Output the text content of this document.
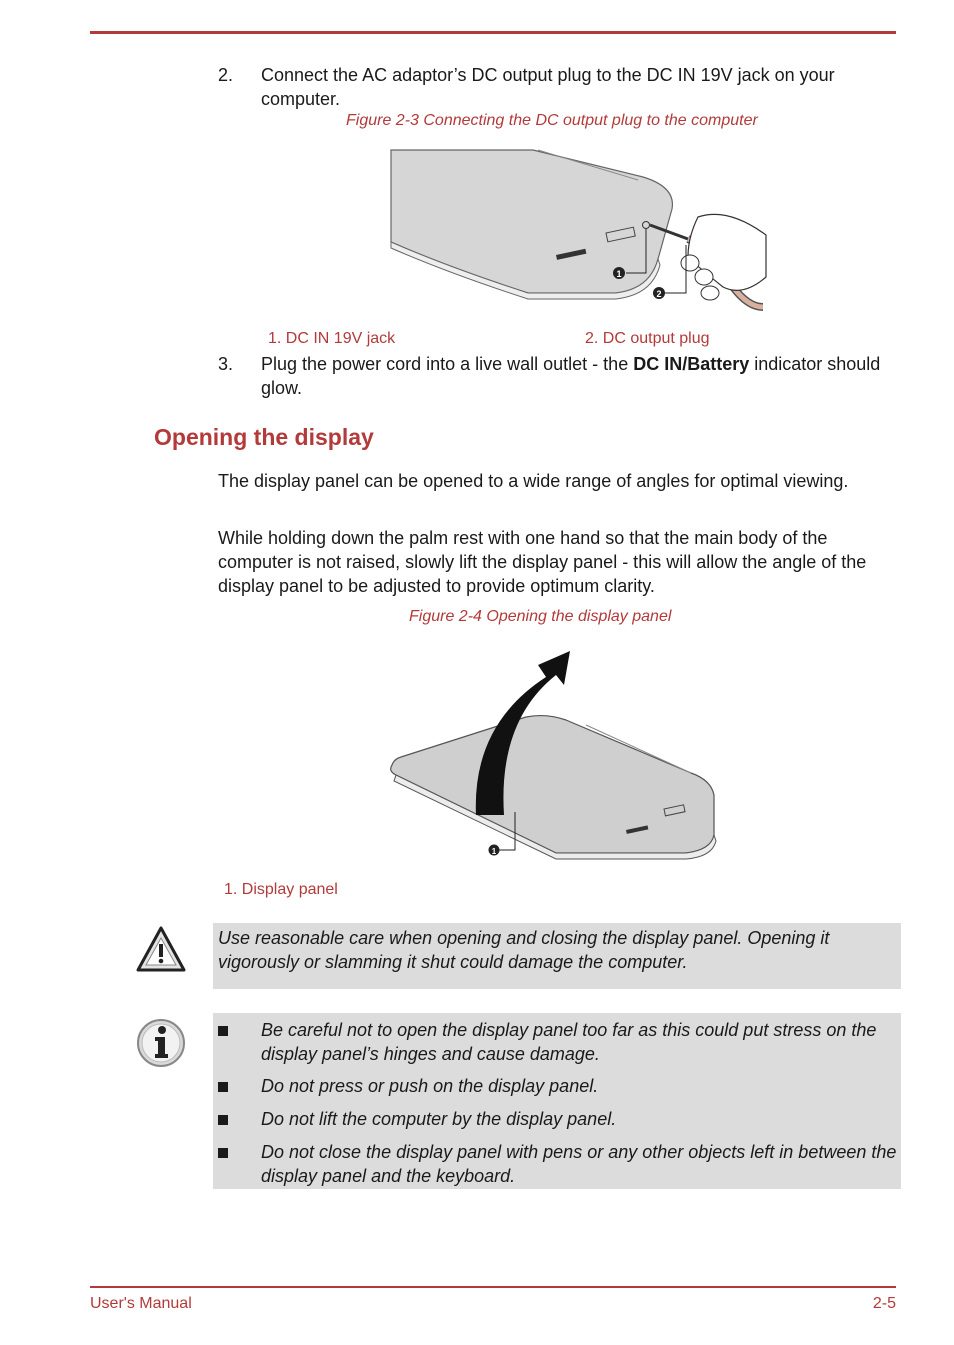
2. Connect the AC adaptor’s DC output plug to the DC IN 19V jack on your computer.
Figure 2-3 Connecting the DC output plug to the computer
1
2
1. DC IN 19V jack	2. DC output plug
3. Plug the power cord into a live wall outlet - the DC IN/Battery indicator should glow.
Opening the display

The display panel can be opened to a wide range of angles for optimal viewing.

While holding down the palm rest with one hand so that the main body of the computer is not raised, slowly lift the display panel - this will allow the angle of the display panel to be adjusted to provide optimum clarity.

Figure 2-4 Opening the display panel
1
1. Display panel

Use reasonable care when opening and closing the display panel. Opening it vigorously or slamming it shut could damage the computer.

Be careful not to open the display panel too far as this could put stress on the display panel’s hinges and cause damage.
Do not press or push on the display panel.
Do not lift the computer by the display panel.
Do not close the display panel with pens or any other objects left in between the display panel and the keyboard.
User's Manual	2-5
